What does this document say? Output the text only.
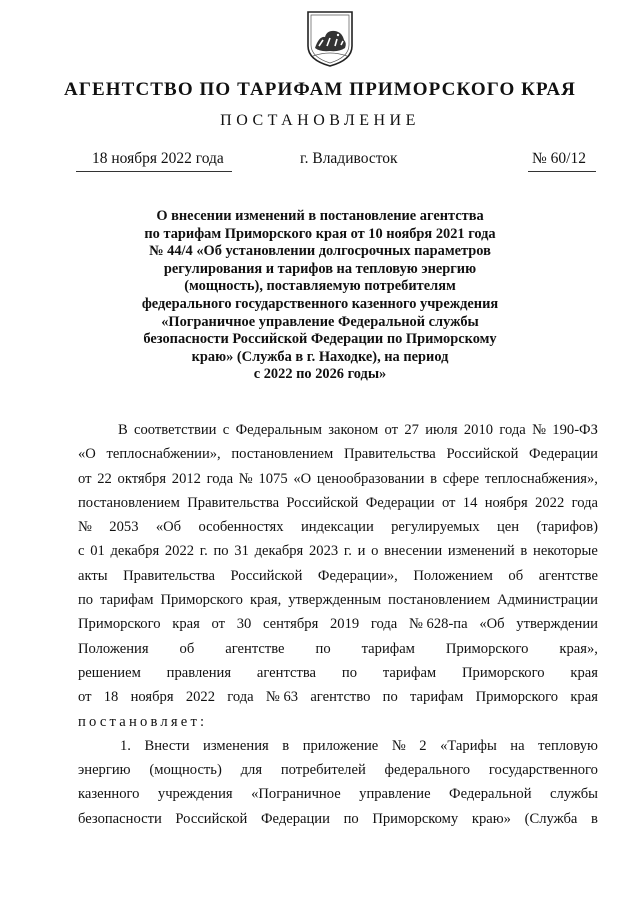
АГЕНТСТВО ПО ТАРИФАМ ПРИМОРСКОГО КРАЯ
ПОСТАНОВЛЕНИЕ
18 ноября 2022 года	г. Владивосток	№ 60/12
О внесении изменений в постановление агентства
по тарифам Приморского края от 10 ноября 2021 года
№ 44/4 «Об установлении долгосрочных параметров
регулирования и тарифов на тепловую энергию
(мощность), поставляемую потребителям
федерального государственного казенного учреждения
«Пограничное управление Федеральной службы
безопасности Российской Федерации по Приморскому
краю» (Служба в г. Находке), на период
с 2022 по 2026 годы»
В соответствии с Федеральным законом от 27 июля 2010 года № 190-ФЗ
«О теплоснабжении», постановлением Правительства Российской Федерации
от 22 октября 2012 года № 1075 «О ценообразовании в сфере теплоснабжения»,
постановлением Правительства Российской Федерации от 14 ноября 2022 года
№ 2053 «Об особенностях индексации регулируемых цен (тарифов)
с 01 декабря 2022 г. по 31 декабря 2023 г. и о внесении изменений в некоторые
акты Правительства Российской Федерации», Положением об агентстве
по тарифам Приморского края, утвержденным постановлением Администрации
Приморского края от 30 сентября 2019 года № 628-па «Об утверждении
Положения об агентстве по тарифам Приморского края»,
решением правления агентства по тарифам Приморского края
от 18 ноября 2022 года № 63 агентство по тарифам Приморского края
постановляет:
1. Внести изменения в приложение № 2 «Тарифы на тепловую
энергию (мощность) для потребителей федерального государственного
казенного учреждения «Пограничное управление Федеральной службы
безопасности Российской Федерации по Приморскому краю» (Служба в
